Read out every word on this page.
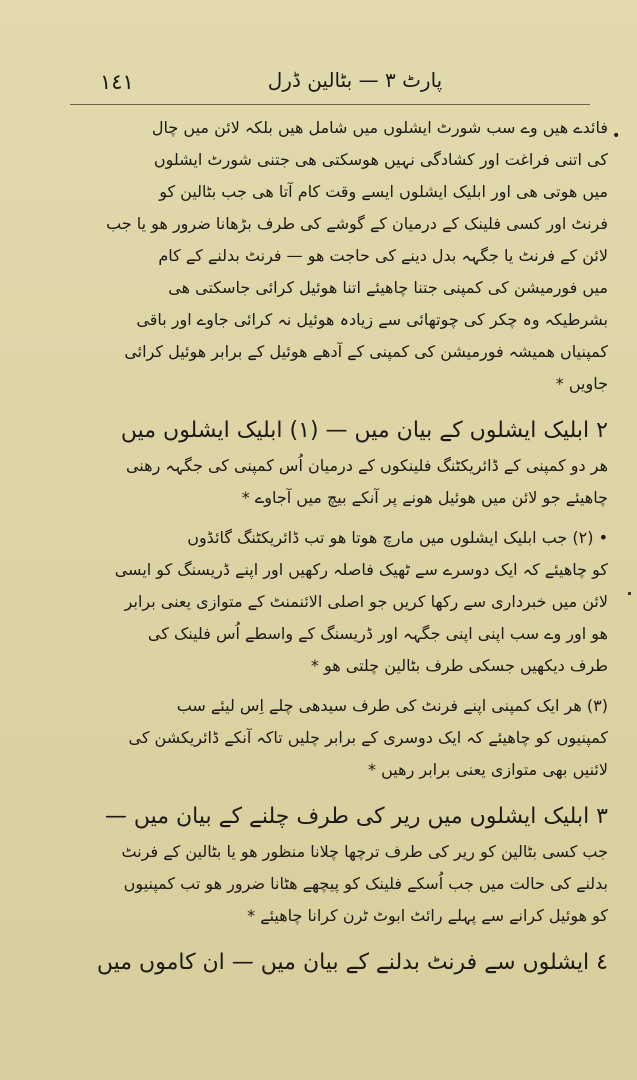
١٤١	پارٹ ٣ — بٹالین ڈرل
•
فائدے ھیں وے سب شورٹ ایشلوں میں شامل ھیں بلکہ لائن میں چال
کی اتنی فراغت اور کشادگی نہیں ھوسکتی ھی جتنی شورٹ ایشلوں
میں ھوتی ھی اور ابلیک ایشلوں ایسے وقت کام آتا ھی جب بٹالین کو
فرنٹ اور کسی فلینک کے درمیان کے گوشے کی طرف بڑھانا ضرور ھو یا جب
لائن کے فرنٹ یا جگہہ بدل دینے کی حاجت ھو — فرنٹ بدلنے کے کام
میں فورمیشن کی کمپنی جتنا چاھیئے اتنا ھوئیل کرائی جاسکتی ھی
بشرطیکہ وہ چکر کی چوتھائی سے زیادہ ھوئیل نہ کرائی جاوے اور باقی
کمپنیاں ھمیشہ فورمیشن کی کمپنی کے آدھے ھوئیل کے برابر ھوئیل کرائی
جاویں *
٢ ابلیک ایشلوں کے بیان میں — (١) ابلیک ایشلوں میں
ھر دو کمپنی کے ڈائریکٹنگ فلینکوں کے درمیان اُس کمپنی کی جگہہ رھنی
چاھیئے جو لائن میں ھوئیل ھونے پر آنکے بیچ میں آجاوے *
• (٢) جب ابلیک ایشلوں میں مارچ ھوتا ھو تب ڈائریکٹنگ گائڈوں
کو چاھیئے کہ ایک دوسرے سے ٹھیک فاصلہ رکھیں اور اپنے ڈریسنگ کو ایسی
لائن میں خبرداری سے رکھا کریں جو اصلی الائنمنٹ کے متوازی یعنی برابر
ھو اور وے سب اپنی اپنی جگہہ اور ڈریسنگ کے واسطے اُس فلینک کی
طرف دیکھیں جسکی طرف بٹالین چلتی ھو *
(٣) ھر ایک کمپنی اپنے فرنٹ کی طرف سیدھی چلے اِس لیئے سب
کمپنیوں کو چاھیئے کہ ایک دوسری کے برابر چلیں تاکہ آنکے ڈائریکشن کی
لائنیں بھی متوازی یعنی برابر رھیں *
٣ ابلیک ایشلوں میں ریر کی طرف چلنے کے بیان میں —
جب کسی بٹالین کو ریر کی طرف ترچھا چلانا منظور ھو یا بٹالین کے فرنٹ
بدلنے کی حالت میں جب اُسکے فلینک کو پیچھے ھٹانا ضرور ھو تب کمپنیوں
کو ھوئیل کرانے سے پہلے رائٹ ابوٹ ٹرن کرانا چاھیئے *
٤ ایشلوں سے فرنٹ بدلنے کے بیان میں — ان کاموں میں
